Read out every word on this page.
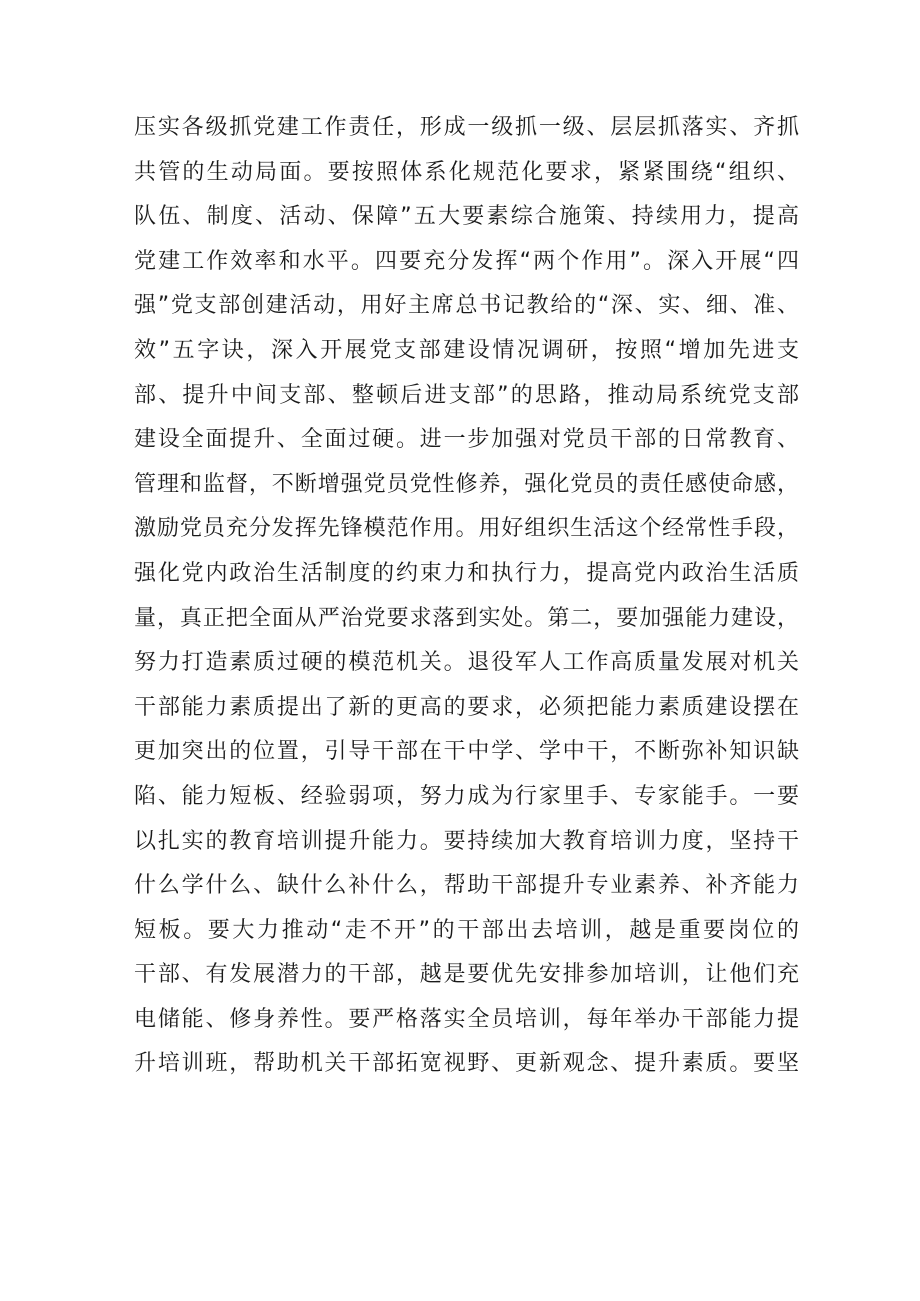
压实各级抓党建工作责任，形成一级抓一级、层层抓落实、齐抓
共管的生动局面。要按照体系化规范化要求，紧紧围绕“组织、
队伍、制度、活动、保障”五大要素综合施策、持续用力，提高
党建工作效率和水平。四要充分发挥“两个作用”。深入开展“四
强”党支部创建活动，用好主席总书记教给的“深、实、细、准、
效”五字诀，深入开展党支部建设情况调研，按照“增加先进支
部、提升中间支部、整顿后进支部”的思路，推动局系统党支部
建设全面提升、全面过硬。进一步加强对党员干部的日常教育、
管理和监督，不断增强党员党性修养，强化党员的责任感使命感，
激励党员充分发挥先锋模范作用。用好组织生活这个经常性手段，
强化党内政治生活制度的约束力和执行力，提高党内政治生活质
量，真正把全面从严治党要求落到实处。第二，要加强能力建设，
努力打造素质过硬的模范机关。退役军人工作高质量发展对机关
干部能力素质提出了新的更高的要求，必须把能力素质建设摆在
更加突出的位置，引导干部在干中学、学中干，不断弥补知识缺
陷、能力短板、经验弱项，努力成为行家里手、专家能手。一要
以扎实的教育培训提升能力。要持续加大教育培训力度，坚持干
什么学什么、缺什么补什么，帮助干部提升专业素养、补齐能力
短板。要大力推动“走不开”的干部出去培训，越是重要岗位的
干部、有发展潜力的干部，越是要优先安排参加培训，让他们充
电储能、修身养性。要严格落实全员培训，每年举办干部能力提
升培训班，帮助机关干部拓宽视野、更新观念、提升素质。要坚
